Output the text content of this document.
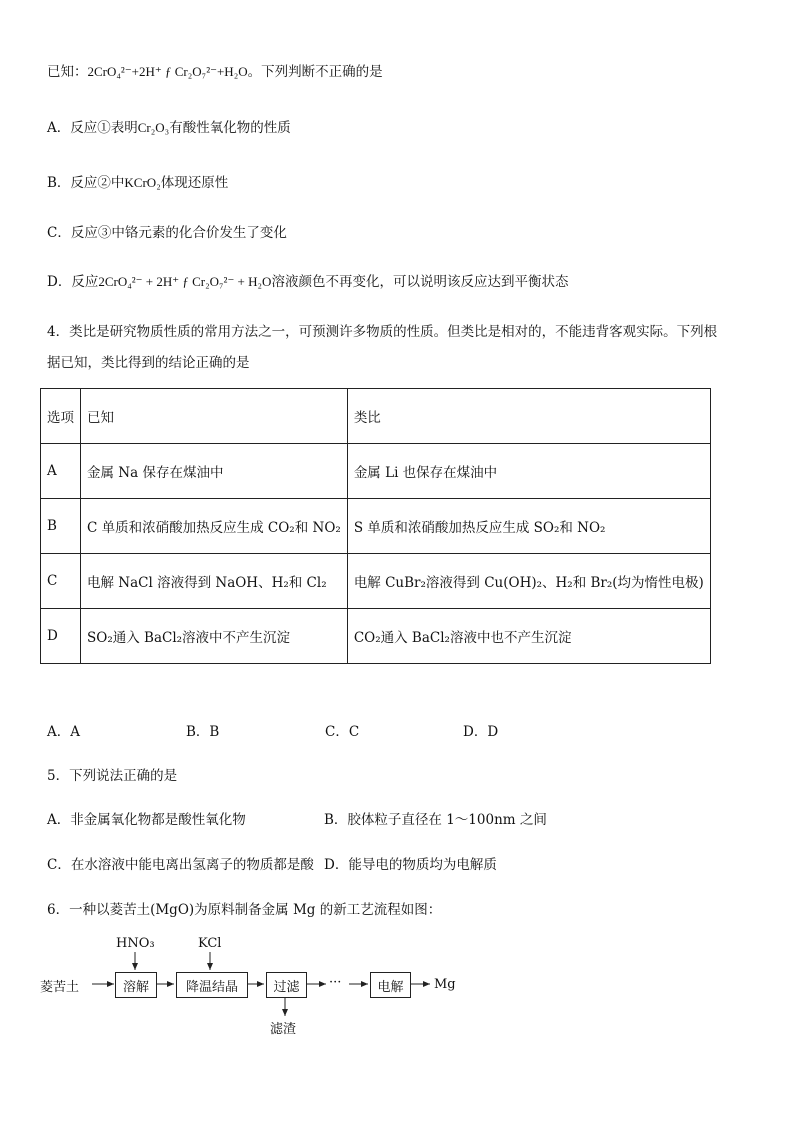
已知：2CrO₄²⁻+2H⁺ ƒ Cr₂O₇²⁻+H₂O。下列判断不正确的是
A．反应①表明Cr₂O₃有酸性氧化物的性质
B．反应②中KCrO₂体现还原性
C．反应③中铬元素的化合价发生了变化
D．反应2CrO₄²⁻ + 2H⁺ ƒ Cr₂O₇²⁻ + H₂O溶液颜色不再变化，可以说明该反应达到平衡状态
4．类比是研究物质性质的常用方法之一，可预测许多物质的性质。但类比是相对的，不能违背客观实际。下列根
据已知，类比得到的结论正确的是
选项	已知	类比
A	金属 Na 保存在煤油中	金属 Li 也保存在煤油中
B	C 单质和浓硝酸加热反应生成 CO₂和 NO₂	S 单质和浓硝酸加热反应生成 SO₂和 NO₂
C	电解 NaCl 溶液得到 NaOH、H₂和 Cl₂	电解 CuBr₂溶液得到 Cu(OH)₂、H₂和 Br₂(均为惰性电极)
D	SO₂通入 BaCl₂溶液中不产生沉淀	CO₂通入 BaCl₂溶液中也不产生沉淀
A．A	B．B	C．C	D．D
5．下列说法正确的是
A．非金属氧化物都是酸性氧化物	B．胶体粒子直径在 1～100nm 之间
C．在水溶液中能电离出氢离子的物质都是酸 D．能导电的物质均为电解质
6．一种以菱苦土(MgO)为原料制备金属 Mg 的新工艺流程如图：
菱苦土
HNO₃	KCl
溶解	降温结晶	过滤	···	电解	Mg
滤渣
